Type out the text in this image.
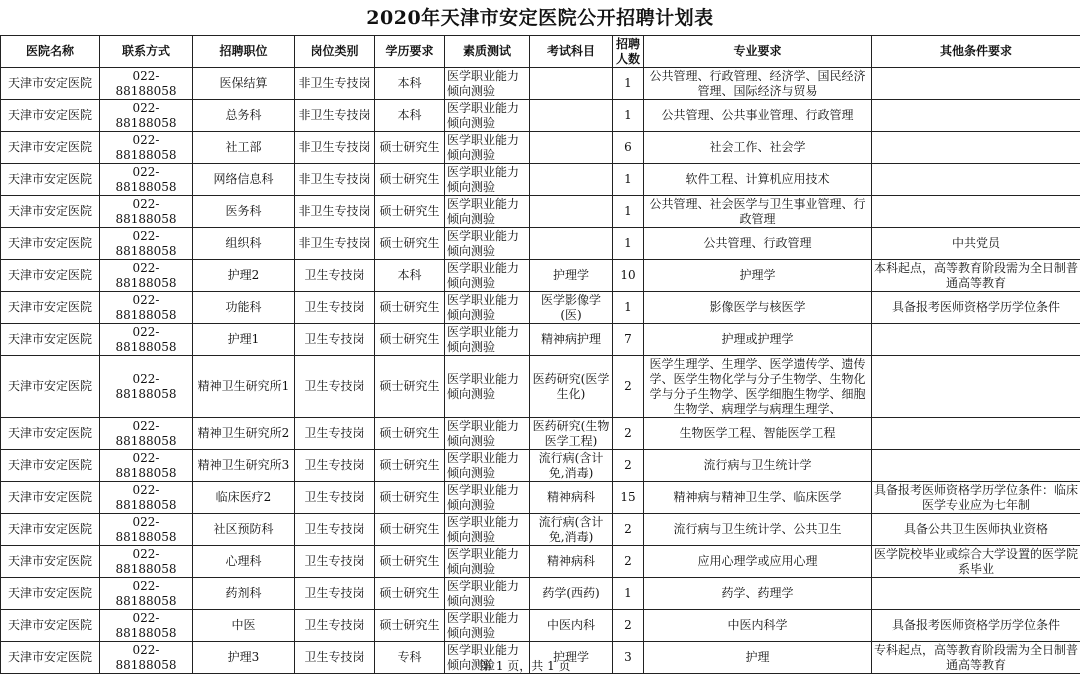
2020年天津市安定医院公开招聘计划表
医院名称	联系方式	招聘职位	岗位类别	学历要求	素质测试	考试科目	招聘人数	专业要求	其他条件要求
天津市安定医院	022-88188058	医保结算	非卫生专技岗	本科	医学职业能力倾向测验		1	公共管理、行政管理、经济学、国民经济管理、国际经济与贸易	
天津市安定医院	022-88188058	总务科	非卫生专技岗	本科	医学职业能力倾向测验		1	公共管理、公共事业管理、行政管理	
天津市安定医院	022-88188058	社工部	非卫生专技岗	硕士研究生	医学职业能力倾向测验		6	社会工作、社会学	
天津市安定医院	022-88188058	网络信息科	非卫生专技岗	硕士研究生	医学职业能力倾向测验		1	软件工程、计算机应用技术	
天津市安定医院	022-88188058	医务科	非卫生专技岗	硕士研究生	医学职业能力倾向测验		1	公共管理、社会医学与卫生事业管理、行政管理	
天津市安定医院	022-88188058	组织科	非卫生专技岗	硕士研究生	医学职业能力倾向测验		1	公共管理、行政管理	中共党员
天津市安定医院	022-88188058	护理2	卫生专技岗	本科	医学职业能力倾向测验	护理学	10	护理学	本科起点，高等教育阶段需为全日制普通高等教育
天津市安定医院	022-88188058	功能科	卫生专技岗	硕士研究生	医学职业能力倾向测验	医学影像学(医)	1	影像医学与核医学	具备报考医师资格学历学位条件
天津市安定医院	022-88188058	护理1	卫生专技岗	硕士研究生	医学职业能力倾向测验	精神病护理	7	护理或护理学	
天津市安定医院	022-88188058	精神卫生研究所1	卫生专技岗	硕士研究生	医学职业能力倾向测验	医药研究(医学生化)	2	医学生理学、生理学、医学遗传学、遗传学、医学生物化学与分子生物学、生物化学与分子生物学、医学细胞生物学、细胞生物学、病理学与病理生理学、	
天津市安定医院	022-88188058	精神卫生研究所2	卫生专技岗	硕士研究生	医学职业能力倾向测验	医药研究(生物医学工程)	2	生物医学工程、智能医学工程	
天津市安定医院	022-88188058	精神卫生研究所3	卫生专技岗	硕士研究生	医学职业能力倾向测验	流行病(含计免,消毒)	2	流行病与卫生统计学	
天津市安定医院	022-88188058	临床医疗2	卫生专技岗	硕士研究生	医学职业能力倾向测验	精神病科	15	精神病与精神卫生学、临床医学	具备报考医师资格学历学位条件：临床医学专业应为七年制
天津市安定医院	022-88188058	社区预防科	卫生专技岗	硕士研究生	医学职业能力倾向测验	流行病(含计免,消毒)	2	流行病与卫生统计学、公共卫生	具备公共卫生医师执业资格
天津市安定医院	022-88188058	心理科	卫生专技岗	硕士研究生	医学职业能力倾向测验	精神病科	2	应用心理学或应用心理	医学院校毕业或综合大学设置的医学院系毕业
天津市安定医院	022-88188058	药剂科	卫生专技岗	硕士研究生	医学职业能力倾向测验	药学(西药)	1	药学、药理学	
天津市安定医院	022-88188058	中医	卫生专技岗	硕士研究生	医学职业能力倾向测验	中医内科	2	中医内科学	具备报考医师资格学历学位条件
天津市安定医院	022-88188058	护理3	卫生专技岗	专科	医学职业能力倾向测验	护理学	3	护理	专科起点，高等教育阶段需为全日制普通高等教育
第 1 页，共 1 页
